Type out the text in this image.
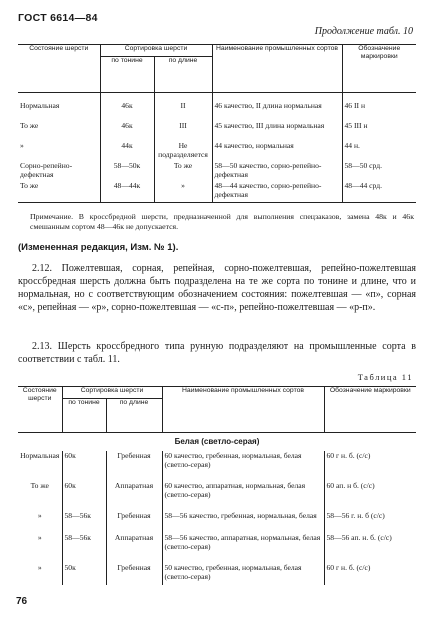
ГОСТ 6614—84
Продолжение табл. 10
Состояние шерсти	Сортировка шерсти		Наименование промышленных сортов	Обозначение маркировки
	по тонине	по длине		

Нормальная	46к	II	46 качество, II длина нормальная	46 II н
То же	46к	III	45 качество, III длина нормальная	45 III н
»	44к	Не подразделяется	44 качество, нормальная	44 н.
Сорно-репейно-дефектная	58—50к	То же	58—50 качество, сорно-репейно-дефектная	58—50 срд.
То же	48—44к	»	48—44 качество, сорно-репейно-дефектная	48—44 срд.
Примечание. В кроссбредной шерсти, предназначенной для выполнения спецзаказов, замена 48к и 46к смешанным сортом 48—46к не допускается.
(Измененная редакция, Изм. № 1).
2.12. Пожелтевшая, сорная, репейная, сорно-пожелтевшая, репейно-пожелтевшая кроссбредная шерсть должна быть подразделена на те же сорта по тонине и длине, что и нормальная, но с соответствующим обозначением состояния: пожелтевшая — «п», сорная «с», репейная — «р», сорно-пожелтевшая — «с-п», репейно-пожелтевшая — «р-п».
2.13. Шерсть кроссбредного типа рунную подразделяют на промышленные сорта в соответствии с табл. 11.
Таблица 11
Состояние шерсти	Сортировка шерсти		Наименование промышленных сортов	Обозначение маркировки
	по тонине	по длине		
Белая (светло-серая)				
Нормальная	60к	Гребенная	60 качество, гребенная, нормальная, белая (светло-серая)	60 г н. б. (с/с)
То же	60к	Аппаратная	60 качество, аппаратная, нормальная, белая (светло-серая)	60 ап. н б. (с/с)
»	58—56к	Гребенная	58—56 качество, гребенная, нормальная, белая	58—56 г. н. б (с/с)
»	58—56к	Аппаратная	58—56 качество, аппаратная, нормальная, белая (светло-серая)	58—56 ап. н. б. (с/с)
»	50к	Гребенная	50 качество, гребенная, нормальная, белая (светло-серая)	60 г н. б. (с/с)
76
